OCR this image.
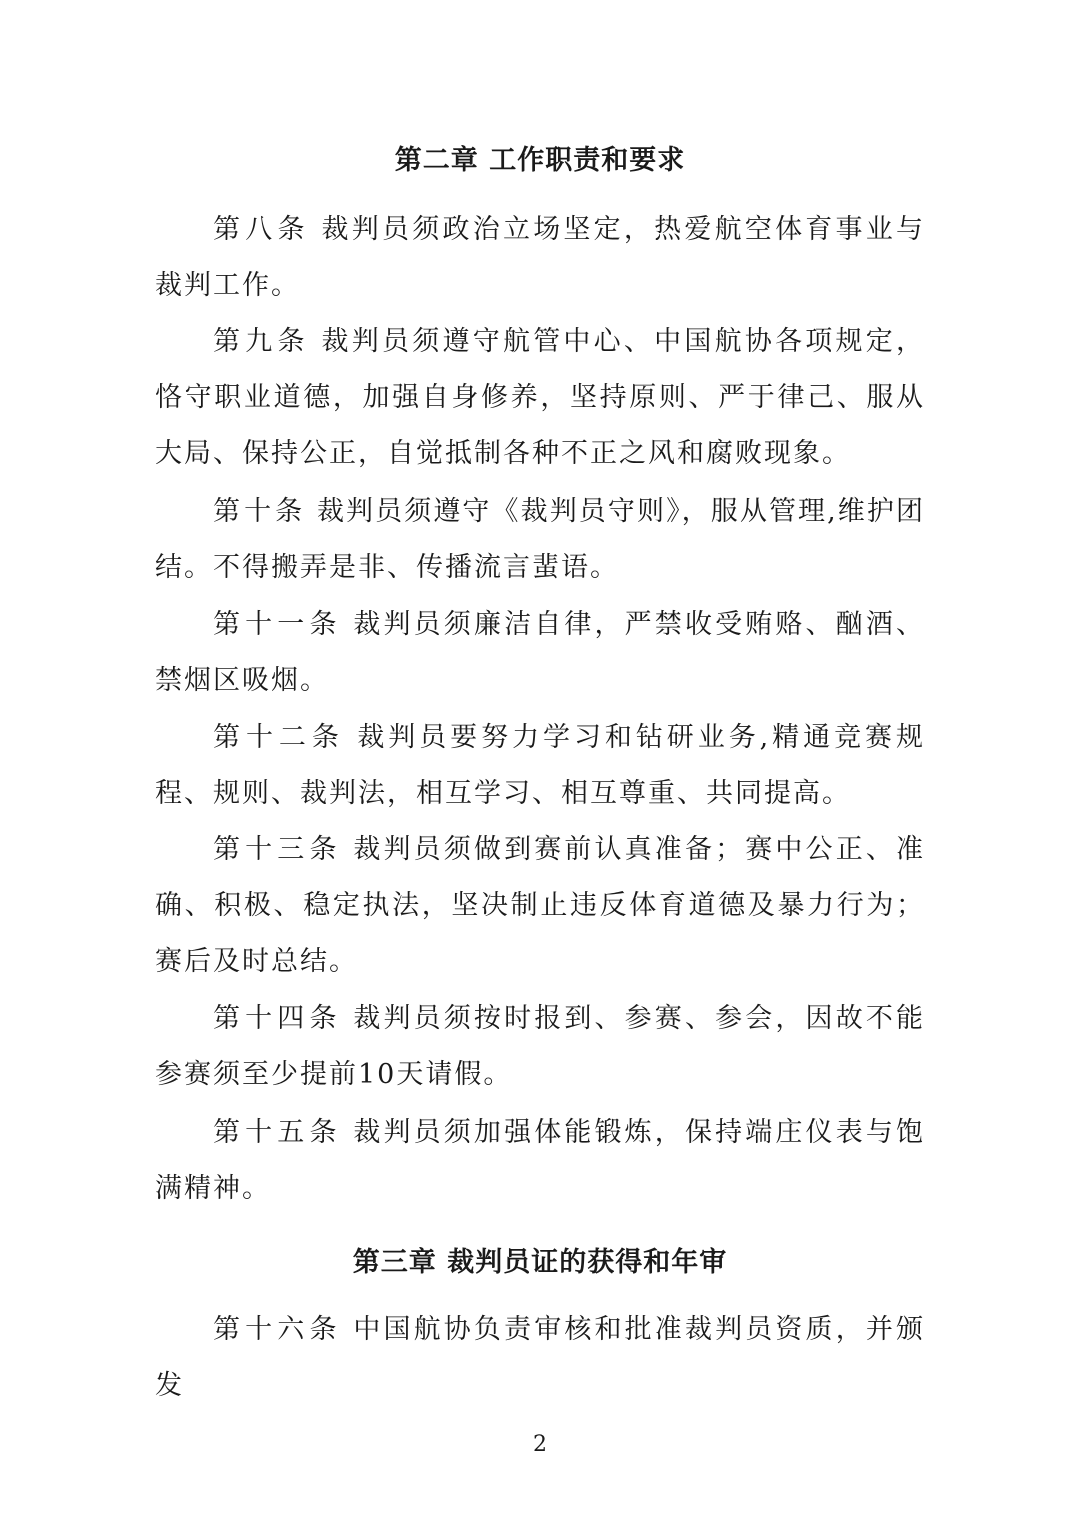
第二章 工作职责和要求

第八条 裁判员须政治立场坚定，热爱航空体育事业与裁判工作。

第九条 裁判员须遵守航管中心、中国航协各项规定，恪守职业道德，加强自身修养，坚持原则、严于律己、服从大局、保持公正，自觉抵制各种不正之风和腐败现象。

第十条 裁判员须遵守《裁判员守则》，服从管理,维护团结。不得搬弄是非、传播流言蜚语。

第十一条 裁判员须廉洁自律，严禁收受贿赂、酗酒、禁烟区吸烟。

第十二条 裁判员要努力学习和钻研业务,精通竞赛规程、规则、裁判法，相互学习、相互尊重、共同提高。

第十三条 裁判员须做到赛前认真准备；赛中公正、准确、积极、稳定执法，坚决制止违反体育道德及暴力行为；赛后及时总结。

第十四条 裁判员须按时报到、参赛、参会，因故不能参赛须至少提前10天请假。

第十五条 裁判员须加强体能锻炼，保持端庄仪表与饱满精神。

第三章 裁判员证的获得和年审

第十六条 中国航协负责审核和批准裁判员资质，并颁发

2
